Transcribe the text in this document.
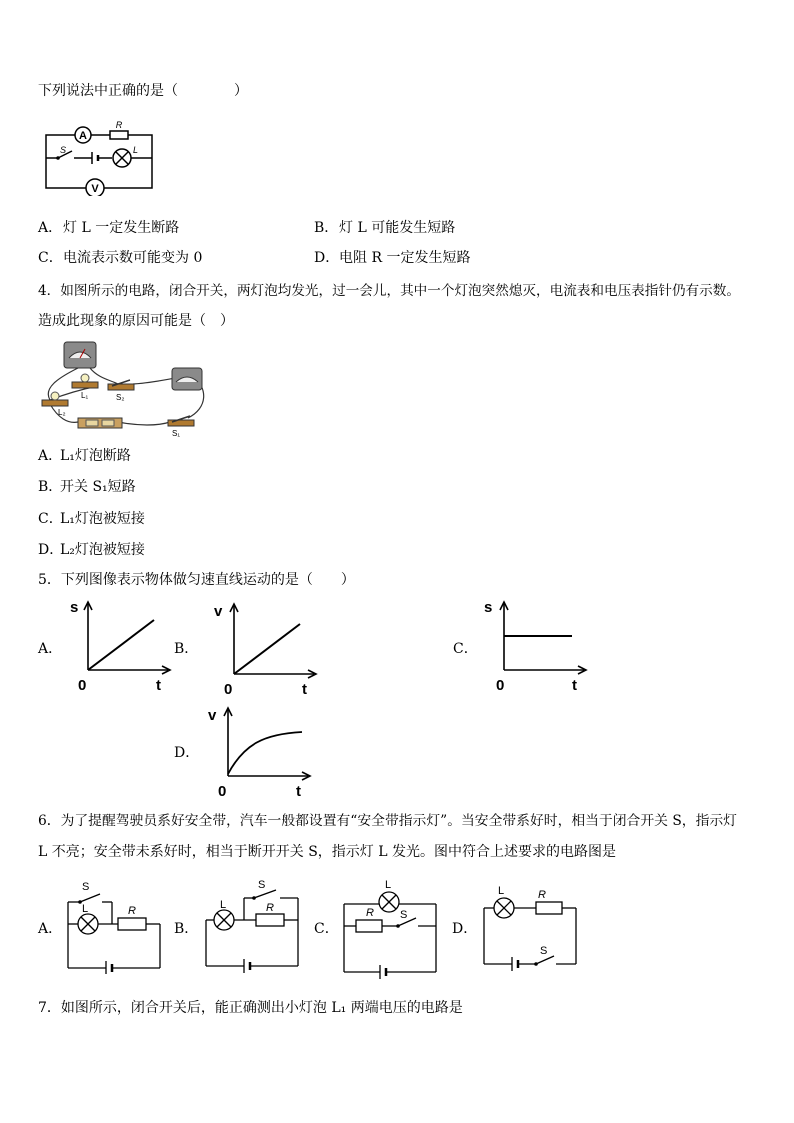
下列说法中正确的是（　　　　）
A
R
S	L
V
A． 灯 L 一定发生断路	B． 灯 L 可能发生短路
C． 电流表示数可能变为 0	D． 电阻 R 一定发生短路
4．如图所示的电路，闭合开关，两灯泡均发光，过一会儿，其中一个灯泡突然熄灭，电流表和电压表指针仍有示数。
造成此现象的原因可能是（　）
L₁
L₂
S₂
S₁
A．
L₁灯泡断路
B．
开关 S₁短路
C．
L₁灯泡被短接
D．
L₂灯泡被短接
5．下列图像表示物体做匀速直线运动的是（　　）
A．
s
0	t
B．
v
0	t
C．
s
0	t
D．
v
0	t
6．为了提醒驾驶员系好安全带，汽车一般都设置有“安全带指示灯”。当安全带系好时，相当于闭合开关 S，指示灯
L 不亮；安全带未系好时，相当于断开开关 S，指示灯 L 发光。图中符合上述要求的电路图是
A．
S
L	R
B．
S
L	R
C．
L
S
R
D．
L	R
S
7．如图所示，闭合开关后，能正确测出小灯泡 L₁ 两端电压的电路是
